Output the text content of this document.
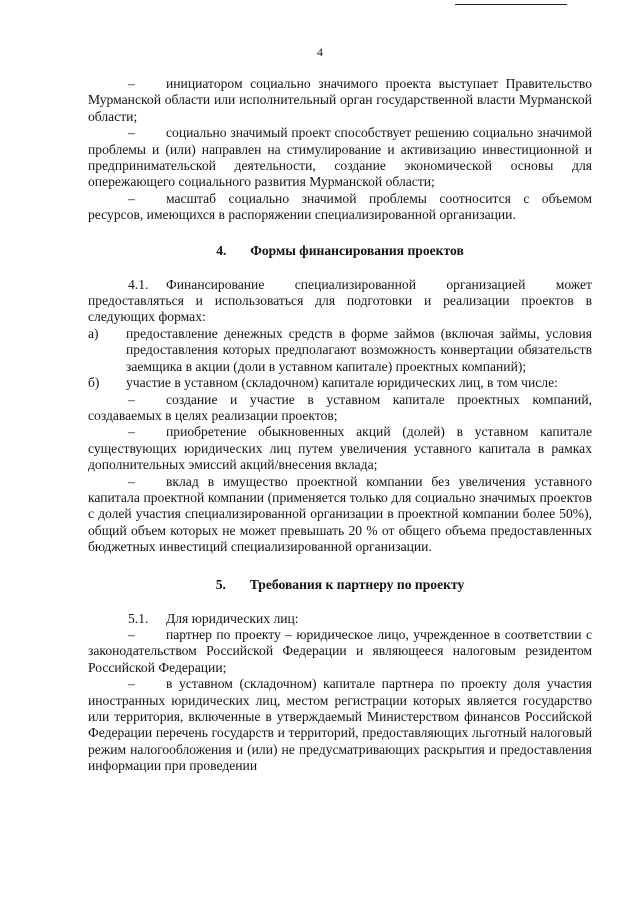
4

– инициатором социально значимого проекта выступает Правительство Мурманской области или исполнительный орган государственной власти Мурманской области;

– социально значимый проект способствует решению социально значимой проблемы и (или) направлен на стимулирование и активизацию инвестиционной и предпринимательской деятельности, создание экономической основы для опережающего социального развития Мурманской области;

– масштаб социально значимой проблемы соотносится с объемом ресурсов, имеющихся в распоряжении специализированной организации.

4. Формы финансирования проектов

4.1. Финансирование специализированной организацией может предоставляться и использоваться для подготовки и реализации проектов в следующих формах:

а)	предоставление денежных средств в форме займов (включая займы, условия предоставления которых предполагают возможность конвертации обязательств заемщика в акции (доли в уставном капитале) проектных компаний);

б)	участие в уставном (складочном) капитале юридических лиц, в том числе:

– создание и участие в уставном капитале проектных компаний, создаваемых в целях реализации проектов;

– приобретение обыкновенных акций (долей) в уставном капитале существующих юридических лиц путем увеличения уставного капитала в рамках дополнительных эмиссий акций/внесения вклада;

– вклад в имущество проектной компании без увеличения уставного капитала проектной компании (применяется только для социально значимых проектов с долей участия специализированной организации в проектной компании более 50%), общий объем которых не может превышать 20 % от общего объема предоставленных бюджетных инвестиций специализированной организации.

5. Требования к партнеру по проекту

5.1. Для юридических лиц:

– партнер по проекту – юридическое лицо, учрежденное в соответствии с законодательством Российской Федерации и являющееся налоговым резидентом Российской Федерации;

– в уставном (складочном) капитале партнера по проекту доля участия иностранных юридических лиц, местом регистрации которых является государство или территория, включенные в утверждаемый Министерством финансов Российской Федерации перечень государств и территорий, предоставляющих льготный налоговый режим налогообложения и (или) не предусматривающих раскрытия и предоставления информации при проведении
